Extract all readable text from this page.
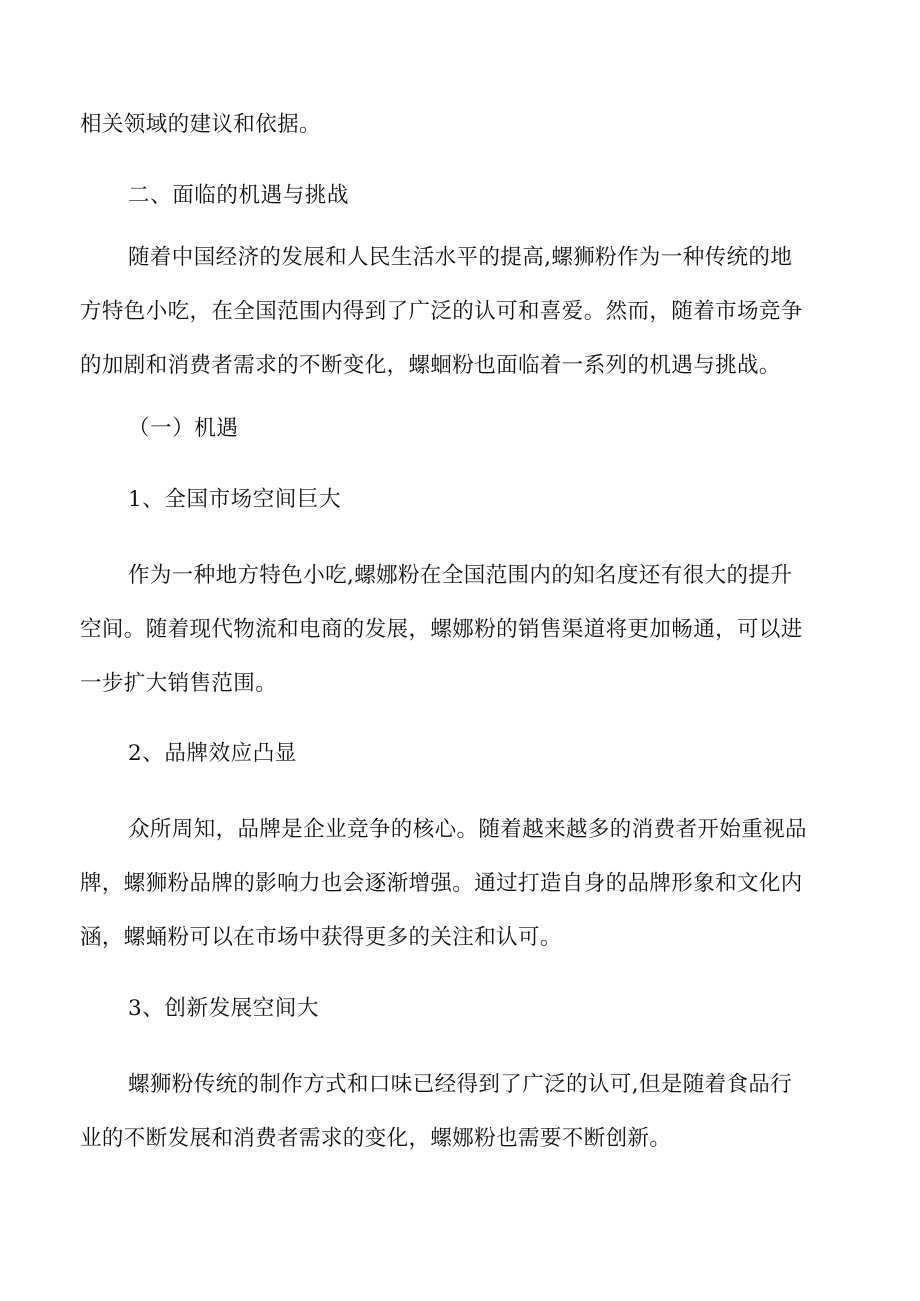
相关领域的建议和依据。
二、面临的机遇与挑战
随着中国经济的发展和人民生活水平的提高,螺狮粉作为一种传统的地
方特色小吃，在全国范围内得到了广泛的认可和喜爱。然而，随着市场竞争
的加剧和消费者需求的不断变化，螺蛔粉也面临着一系列的机遇与挑战。
（一）机遇
1、全国市场空间巨大
作为一种地方特色小吃,螺娜粉在全国范围内的知名度还有很大的提升
空间。随着现代物流和电商的发展，螺娜粉的销售渠道将更加畅通，可以进
一步扩大销售范围。
2、品牌效应凸显
众所周知，品牌是企业竞争的核心。随着越来越多的消费者开始重视品
牌，螺狮粉品牌的影响力也会逐渐增强。通过打造自身的品牌形象和文化内
涵，螺蛹粉可以在市场中获得更多的关注和认可。
3、创新发展空间大
螺狮粉传统的制作方式和口味已经得到了广泛的认可,但是随着食品行
业的不断发展和消费者需求的变化，螺娜粉也需要不断创新。
